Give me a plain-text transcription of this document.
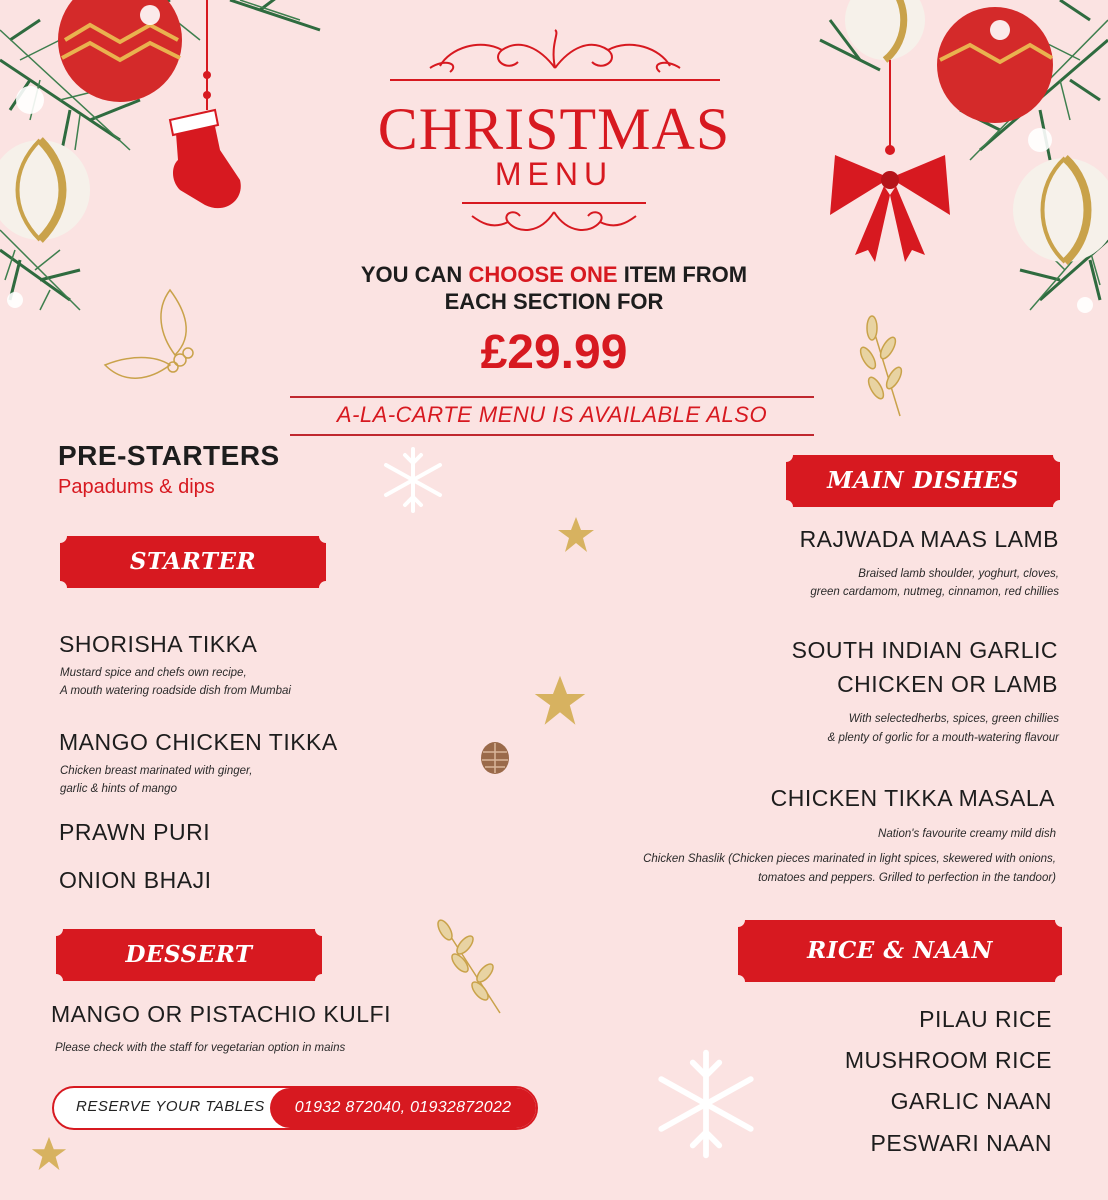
CHRISTMAS
MENU
YOU CAN CHOOSE ONE ITEM FROM
EACH SECTION FOR
£29.99
A-LA-CARTE MENU IS AVAILABLE ALSO
PRE-STARTERS
Papadums & dips
STARTER
SHORISHA TIKKA
Mustard spice and chefs own recipe,
A mouth watering roadside dish from Mumbai
MANGO CHICKEN TIKKA
Chicken breast marinated with ginger,
garlic & hints of mango
PRAWN PURI
ONION BHAJI
DESSERT
MANGO OR PISTACHIO KULFI
Please check with the staff for vegetarian option in mains
RESERVE YOUR TABLES	01932 872040, 01932872022
MAIN DISHES
RAJWADA MAAS LAMB
Braised lamb shoulder, yoghurt, cloves,
green cardamom, nutmeg, cinnamon, red chillies
SOUTH INDIAN GARLIC
CHICKEN OR LAMB
With selectedherbs, spices, green chillies
& plenty of gorlic for a mouth-watering flavour
CHICKEN TIKKA MASALA
Nation's favourite creamy mild dish
Chicken Shaslik (Chicken pieces marinated in light spices, skewered with onions,
tomatoes and peppers. Grilled to perfection in the tandoor)
RICE & NAAN
PILAU RICE
MUSHROOM RICE
GARLIC NAAN
PESWARI NAAN
